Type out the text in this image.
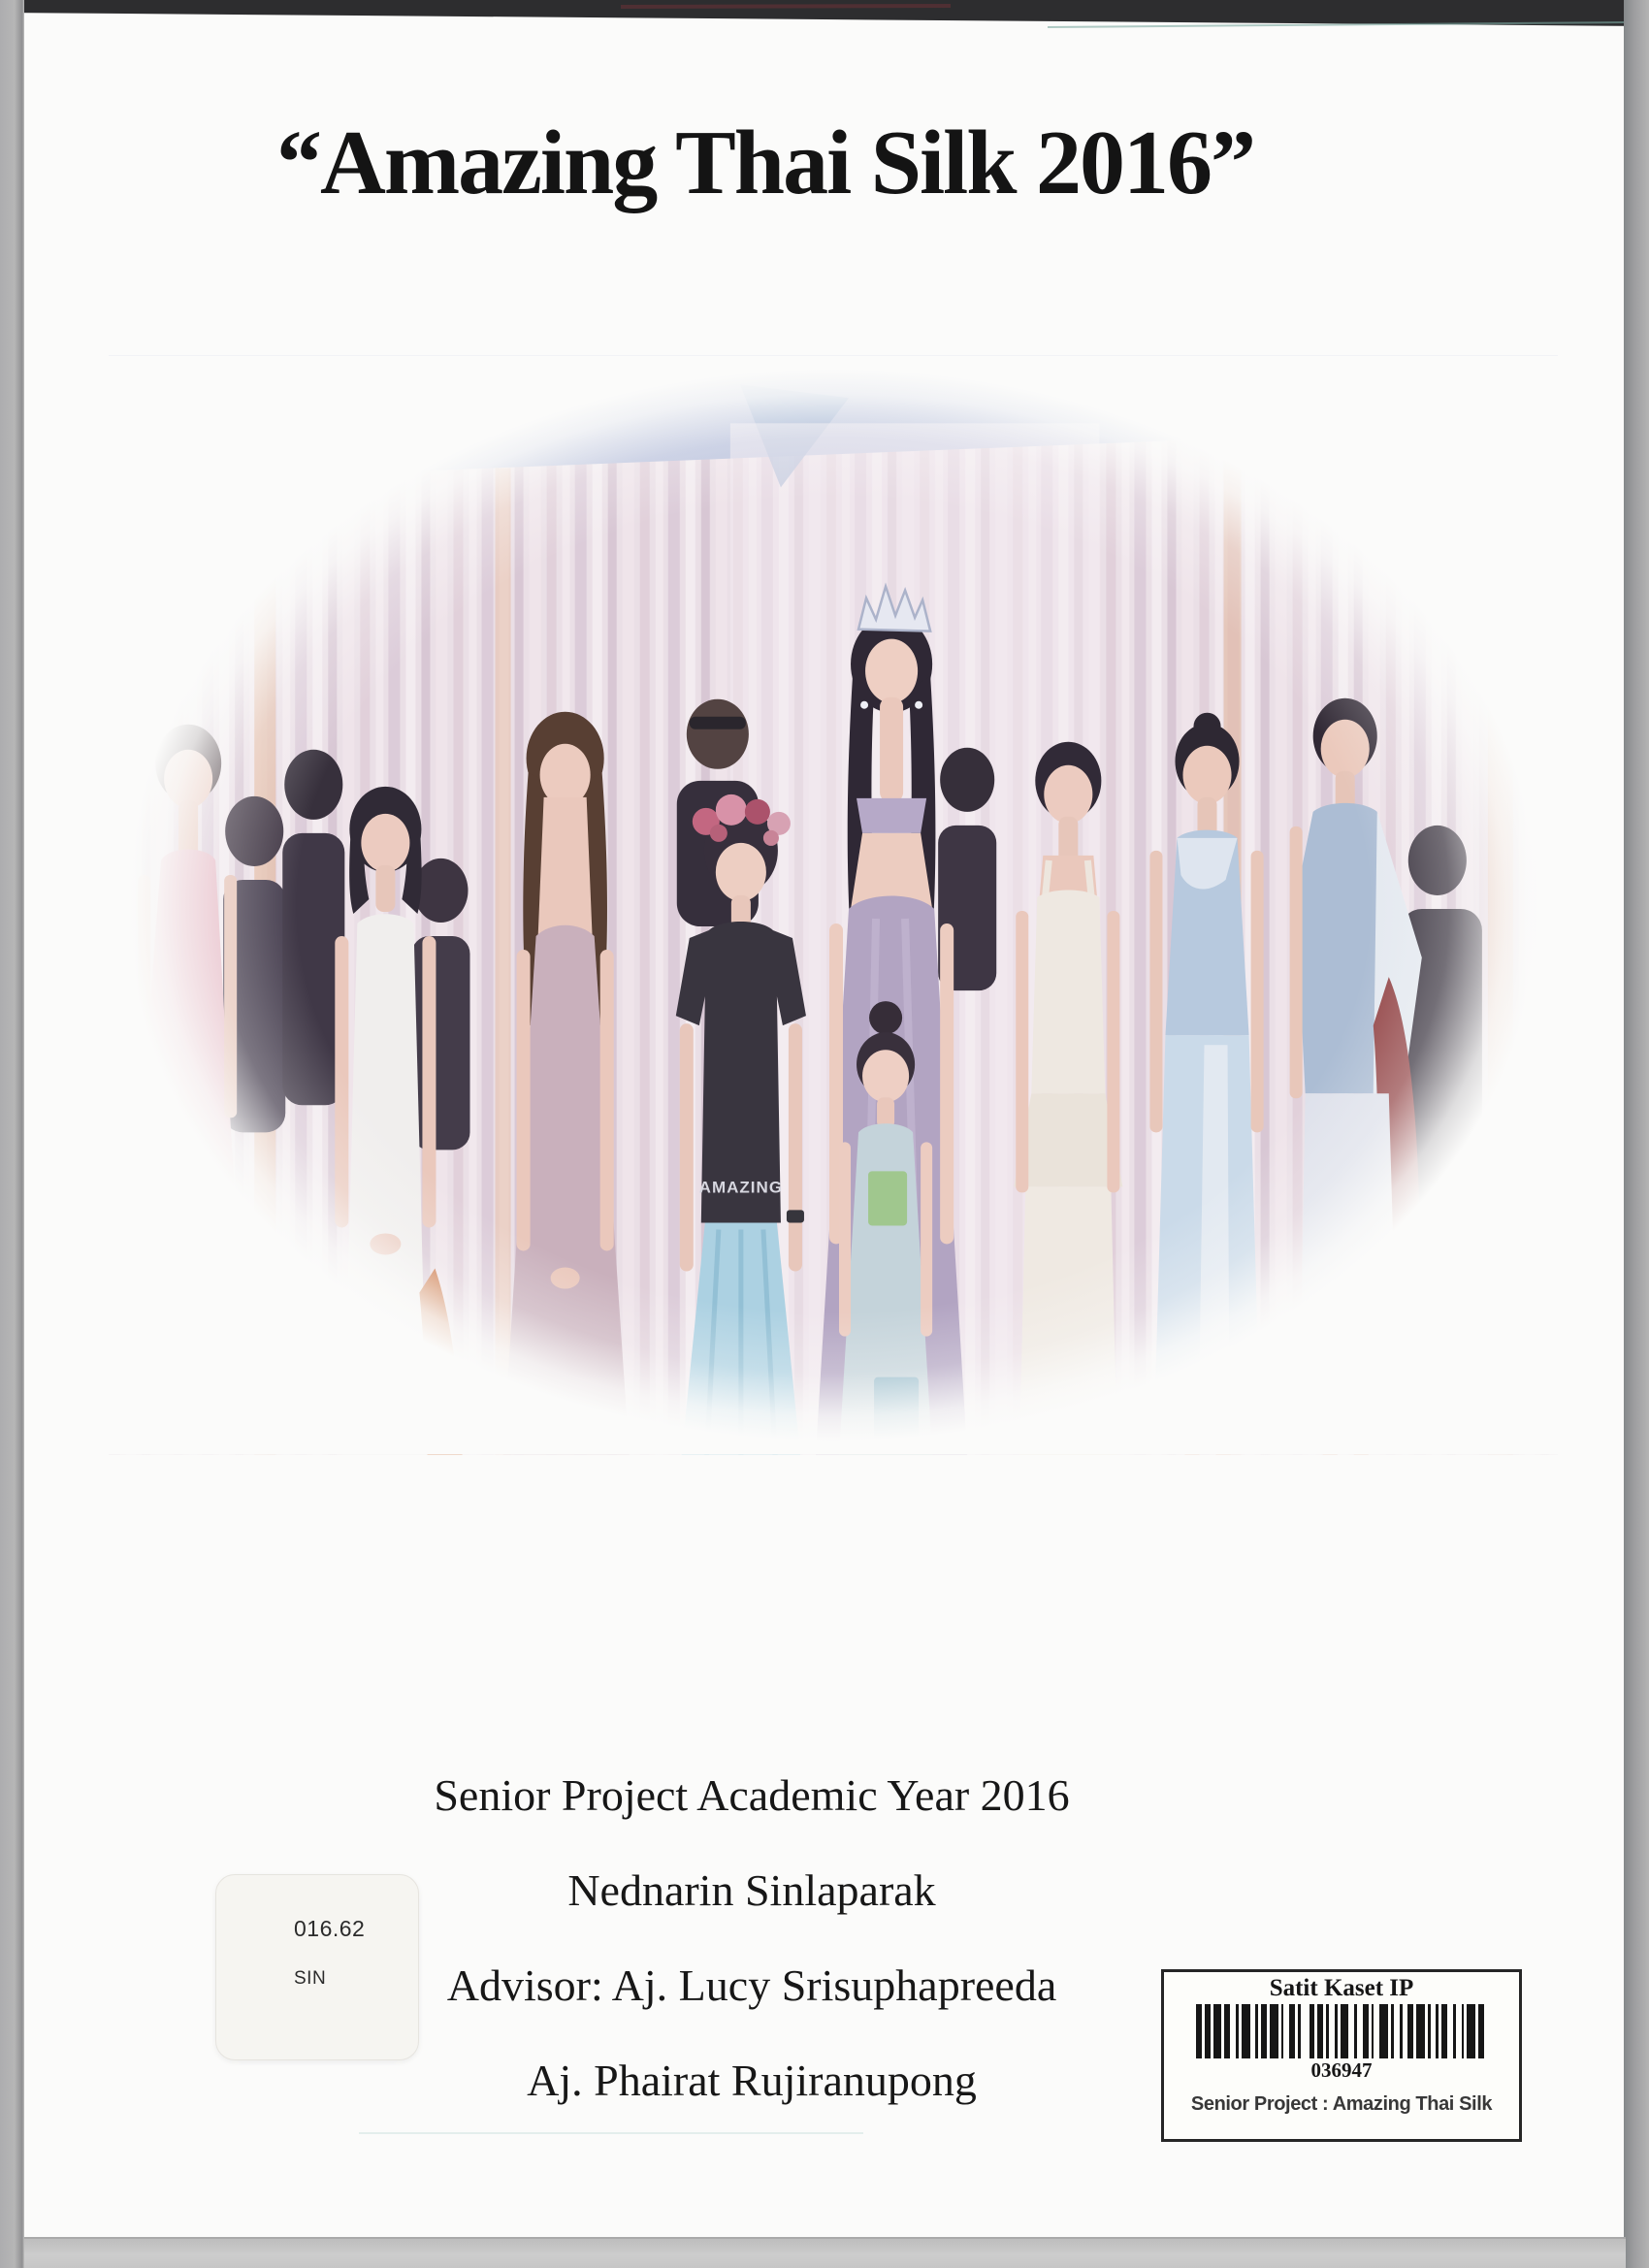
“Amazing Thai Silk 2016”

Senior Project Academic Year 2016

Nednarin Sinlaparak

Advisor: Aj. Lucy Srisuphapreeda

Aj. Phairat Rujiranupong

016.62
SIN	Satit Kaset IP
036947
Senior Project : Amazing Thai Silk
